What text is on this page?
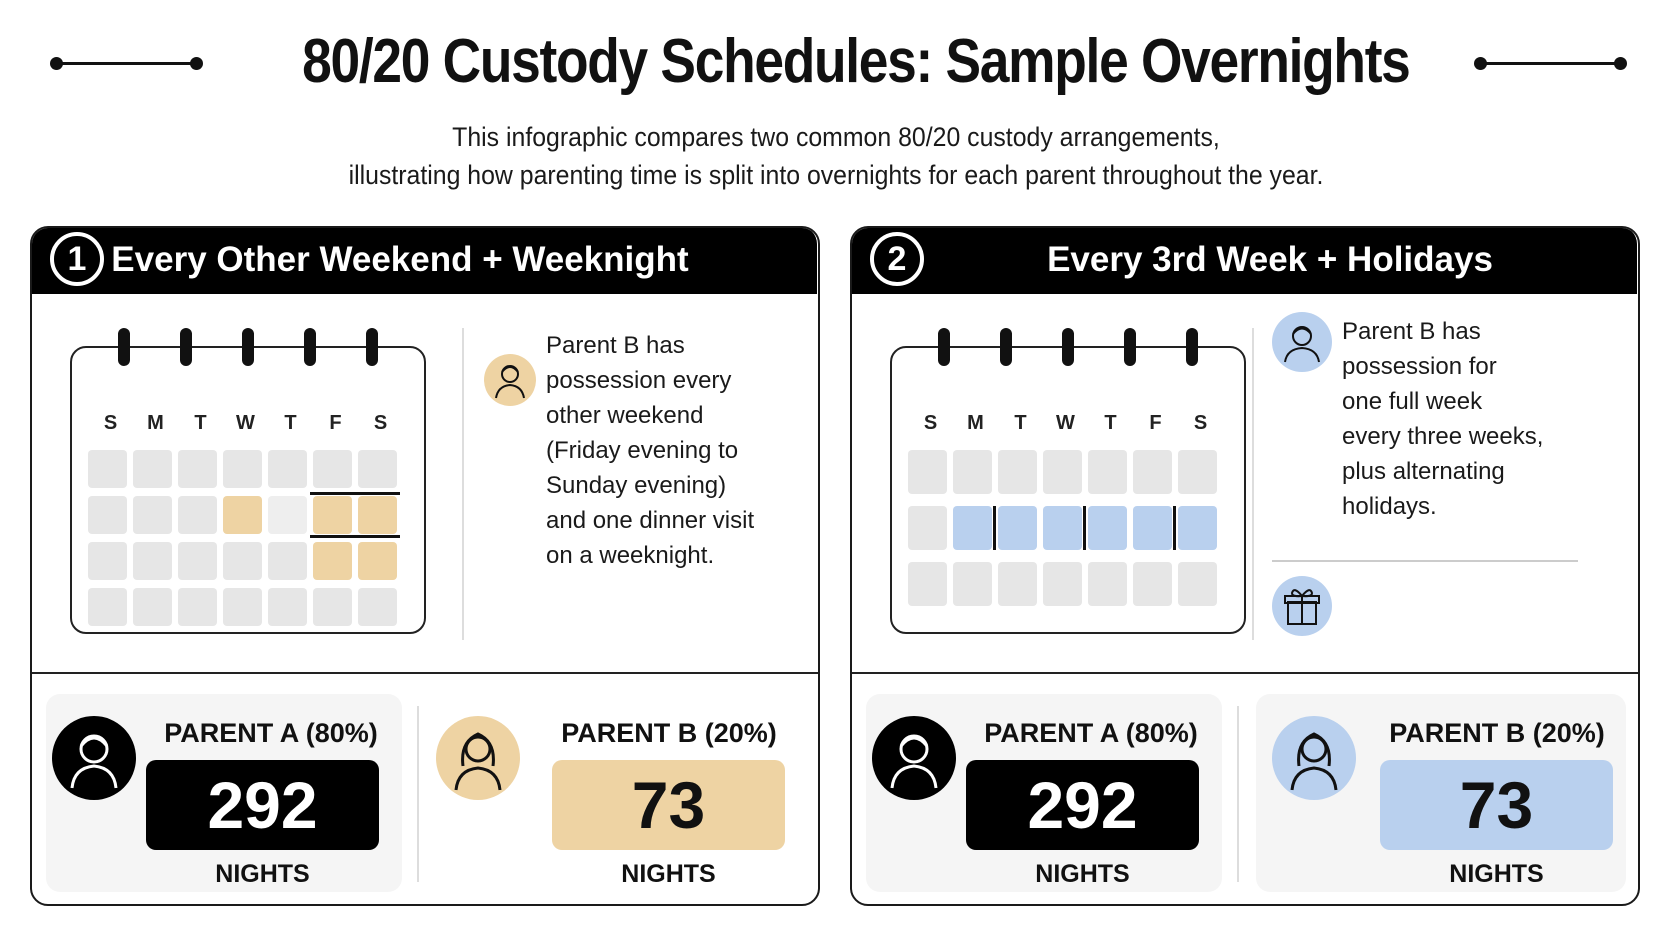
80/20 Custody Schedules: Sample Overnights
This infographic compares two common 80/20 custody arrangements,
illustrating how parenting time is split into overnights for each parent throughout the year.
1 Every Other Weekend + Weeknight
S	M	T	W	T	F	S
Parent B has
possession every
other weekend
(Friday evening to
Sunday evening)
and one dinner visit
on a weeknight.
PARENT A (80%)
292
NIGHTS
PARENT B (20%)
73
NIGHTS
2	Every 3rd Week + Holidays
S	M	T	W	T	F	S
Parent B has
possession for
one full week
every three weeks,
plus alternating
holidays.
PARENT A (80%)
292
NIGHTS
PARENT B (20%)
73
NIGHTS
